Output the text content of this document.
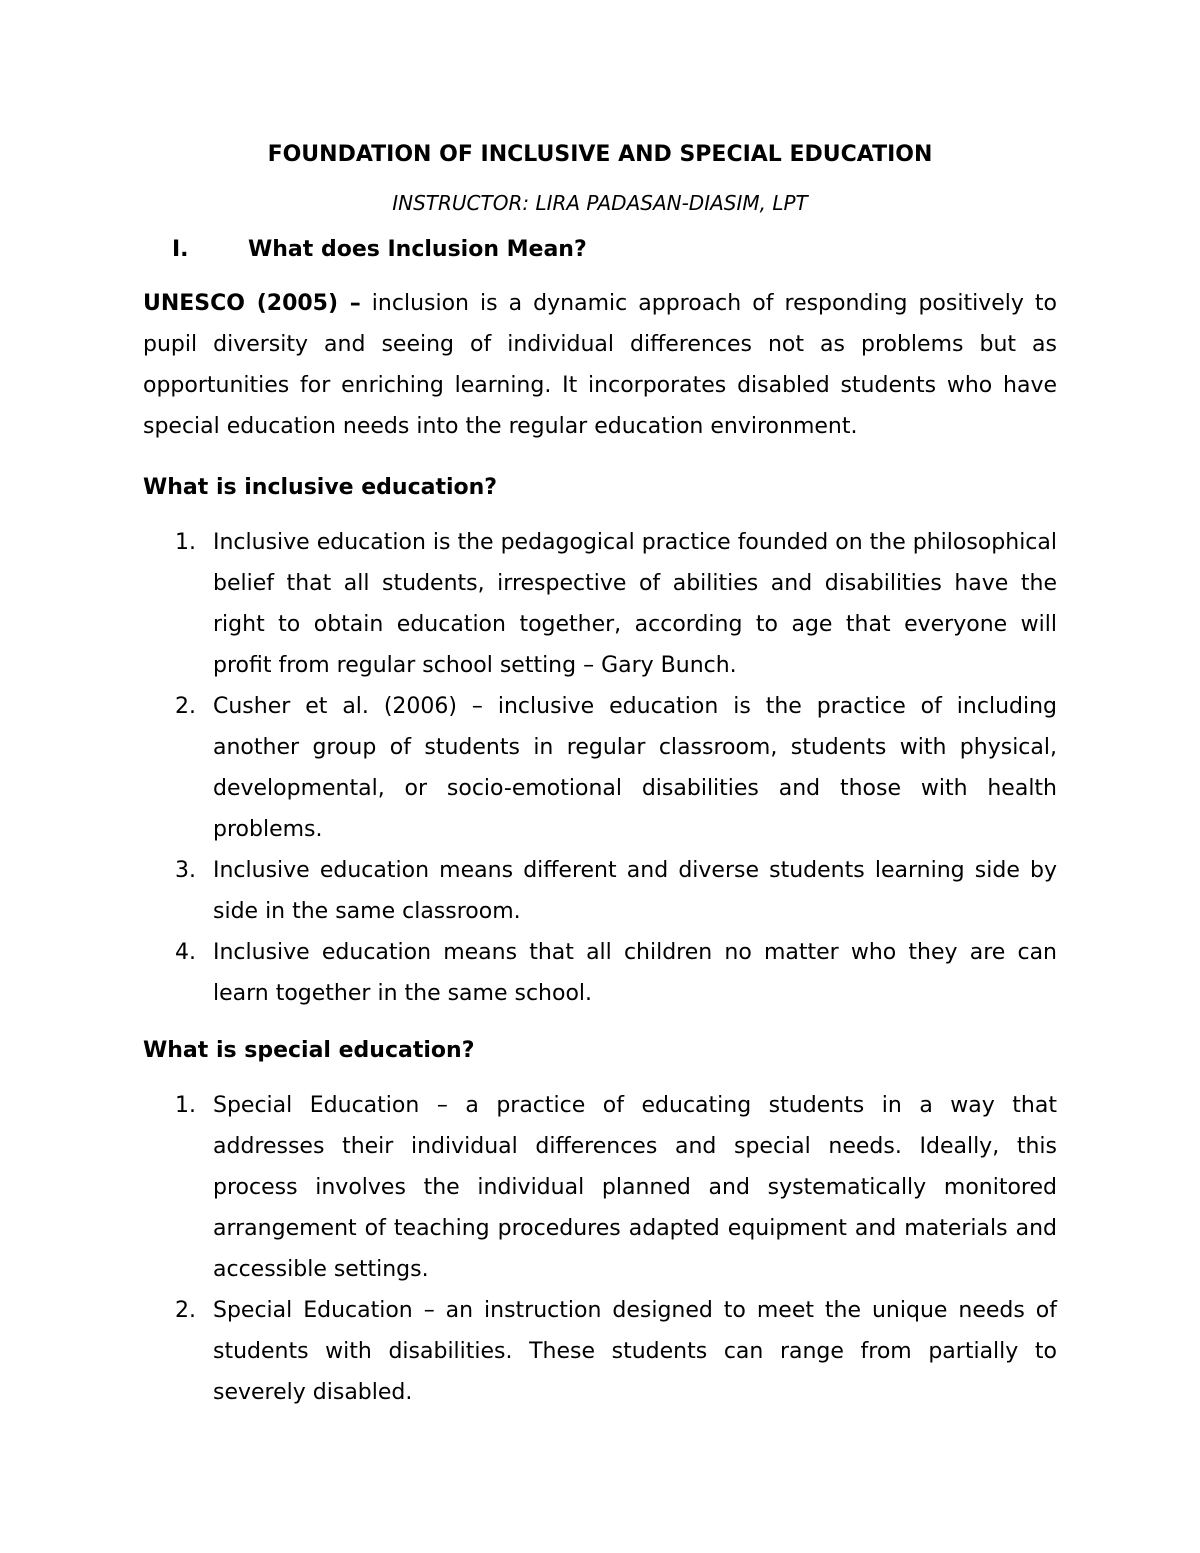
FOUNDATION OF INCLUSIVE AND SPECIAL EDUCATION

INSTRUCTOR: LIRA PADASAN-DIASIM, LPT

I.	What does Inclusion Mean?

UNESCO (2005) – inclusion is a dynamic approach of responding positively to pupil diversity and seeing of individual differences not as problems but as opportunities for enriching learning. It incorporates disabled students who have special education needs into the regular education environment.

What is inclusive education?
1. Inclusive education is the pedagogical practice founded on the philosophical belief that all students, irrespective of abilities and disabilities have the right to obtain education together, according to age that everyone will profit from regular school setting – Gary Bunch.
2. Cusher et al. (2006) – inclusive education is the practice of including another group of students in regular classroom, students with physical, developmental, or socio-emotional disabilities and those with health problems.
3. Inclusive education means different and diverse students learning side by side in the same classroom.
4. Inclusive education means that all children no matter who they are can learn together in the same school.
What is special education?
1. Special Education – a practice of educating students in a way that addresses their individual differences and special needs. Ideally, this process involves the individual planned and systematically monitored arrangement of teaching procedures adapted equipment and materials and accessible settings.
2. Special Education – an instruction designed to meet the unique needs of students with disabilities. These students can range from partially to severely disabled.
